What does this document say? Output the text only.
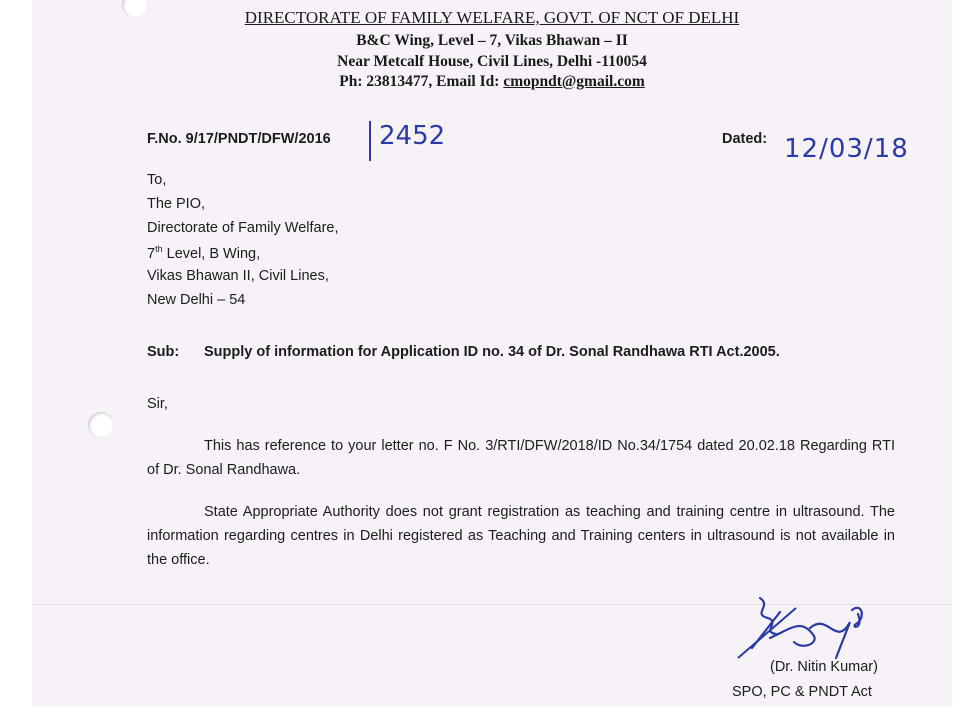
DIRECTORATE OF FAMILY WELFARE, GOVT. OF NCT OF DELHI
B&C Wing, Level – 7, Vikas Bhawan – II
Near Metcalf House, Civil Lines, Delhi -110054
Ph: 23813477, Email Id: cmopndt@gmail.com
F.No. 9/17/PNDT/DFW/2016	2452	Dated: 12/03/18
To,
The PIO,
Directorate of Family Welfare,
7th Level, B Wing,
Vikas Bhawan II, Civil Lines,
New Delhi – 54
Sub: Supply of information for Application ID no. 34 of Dr. Sonal Randhawa RTI Act.2005.
Sir,
This has reference to your letter no. F No. 3/RTI/DFW/2018/ID No.34/1754 dated 20.02.18 Regarding RTI of Dr. Sonal Randhawa.
State Appropriate Authority does not grant registration as teaching and training centre in ultrasound. The information regarding centres in Delhi registered as Teaching and Training centers in ultrasound is not available in the office.
(Dr. Nitin Kumar)
SPO, PC & PNDT Act
